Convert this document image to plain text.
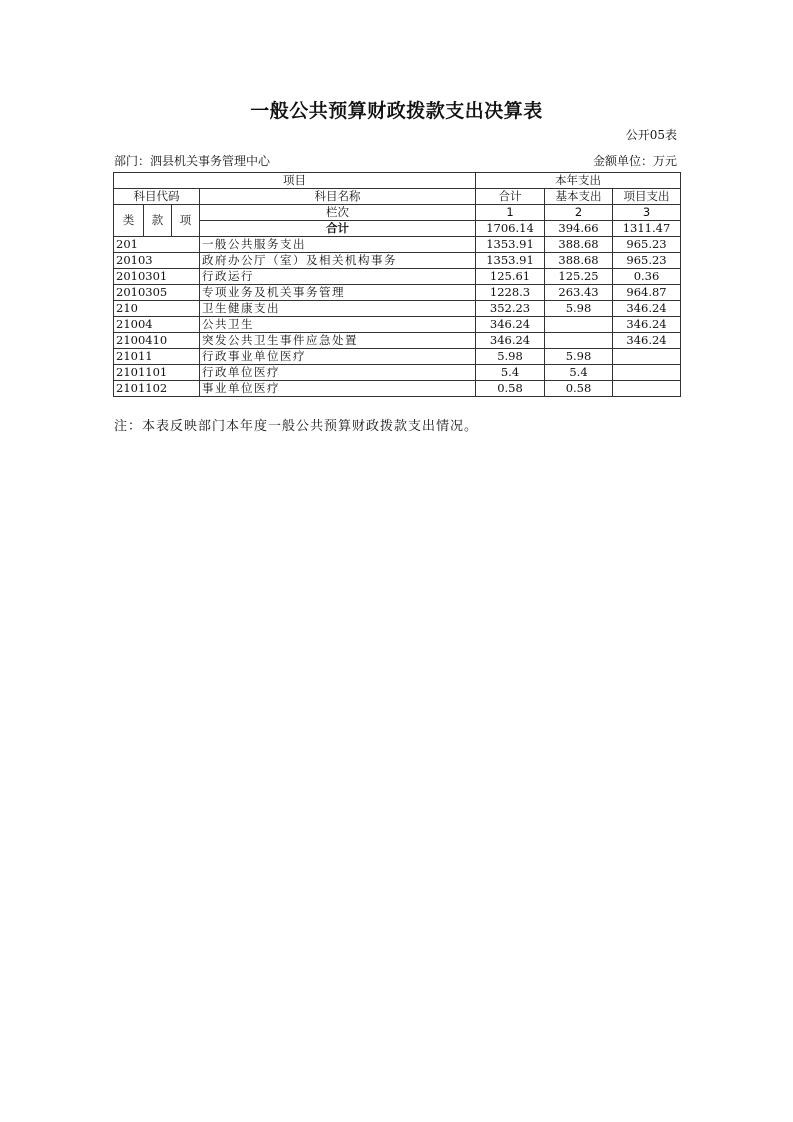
一般公共预算财政拨款支出决算表
公开05表
部门：泗县机关事务管理中心	金额单位：万元
项目				本年支出		
科目代码			科目名称	合计	基本支出	项目支出
类	款	项	栏次	1	2	3
			合计	1706.14	394.66	1311.47
201			一般公共服务支出	1353.91	388.68	965.23
20103			政府办公厅（室）及相关机构事务	1353.91	388.68	965.23
2010301			行政运行	125.61	125.25	0.36
2010305			专项业务及机关事务管理	1228.3	263.43	964.87
210			卫生健康支出	352.23	5.98	346.24
21004			公共卫生	346.24		346.24
2100410			突发公共卫生事件应急处置	346.24		346.24
21011			行政事业单位医疗	5.98	5.98	
2101101			行政单位医疗	5.4	5.4	
2101102			事业单位医疗	0.58	0.58	
注：本表反映部门本年度一般公共预算财政拨款支出情况。
